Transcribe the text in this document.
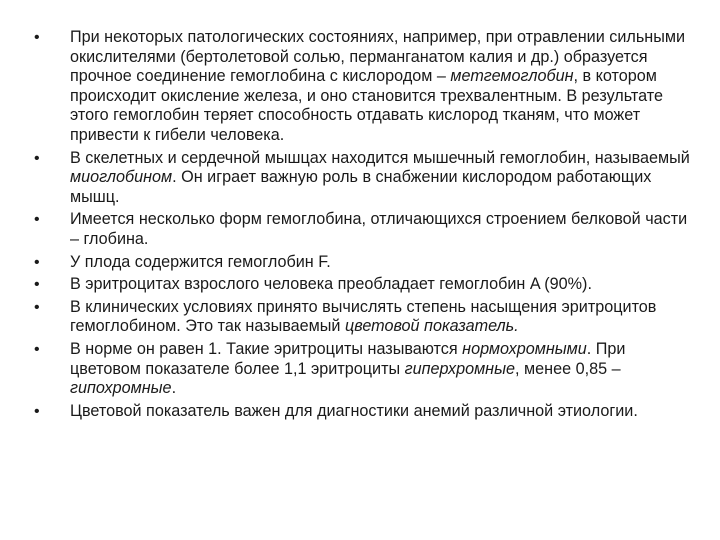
•	При некоторых патологических состояниях, например, при отравлении сильными окислителями (бертолетовой солью, перманганатом калия и др.) образуется прочное соединение гемоглобина с кислородом – метгемоглобин, в котором происходит окисление железа, и оно становится трехвалентным. В результате этого гемоглобин теряет способность отдавать кислород тканям, что может привести к гибели человека.
•	В скелетных и сердечной мышцах находится мышечный гемоглобин, называемый миоглобином. Он играет важную роль в снабжении кислородом работающих мышц.
•	Имеется несколько форм гемоглобина, отличающихся строением белковой части – глобина.
•	У плода содержится гемоглобин F.
•	В эритроцитах взрослого человека преобладает гемоглобин A (90%).
•	В клинических условиях принято вычислять степень насыщения эритроцитов гемоглобином. Это так называемый цветовой показатель.
•	В норме он равен 1. Такие эритроциты называются нормохромными. При цветовом показателе более 1,1 эритроциты гиперхромные, менее 0,85 – гипохромные.
•	Цветовой показатель важен для диагностики анемий различной этиологии.
